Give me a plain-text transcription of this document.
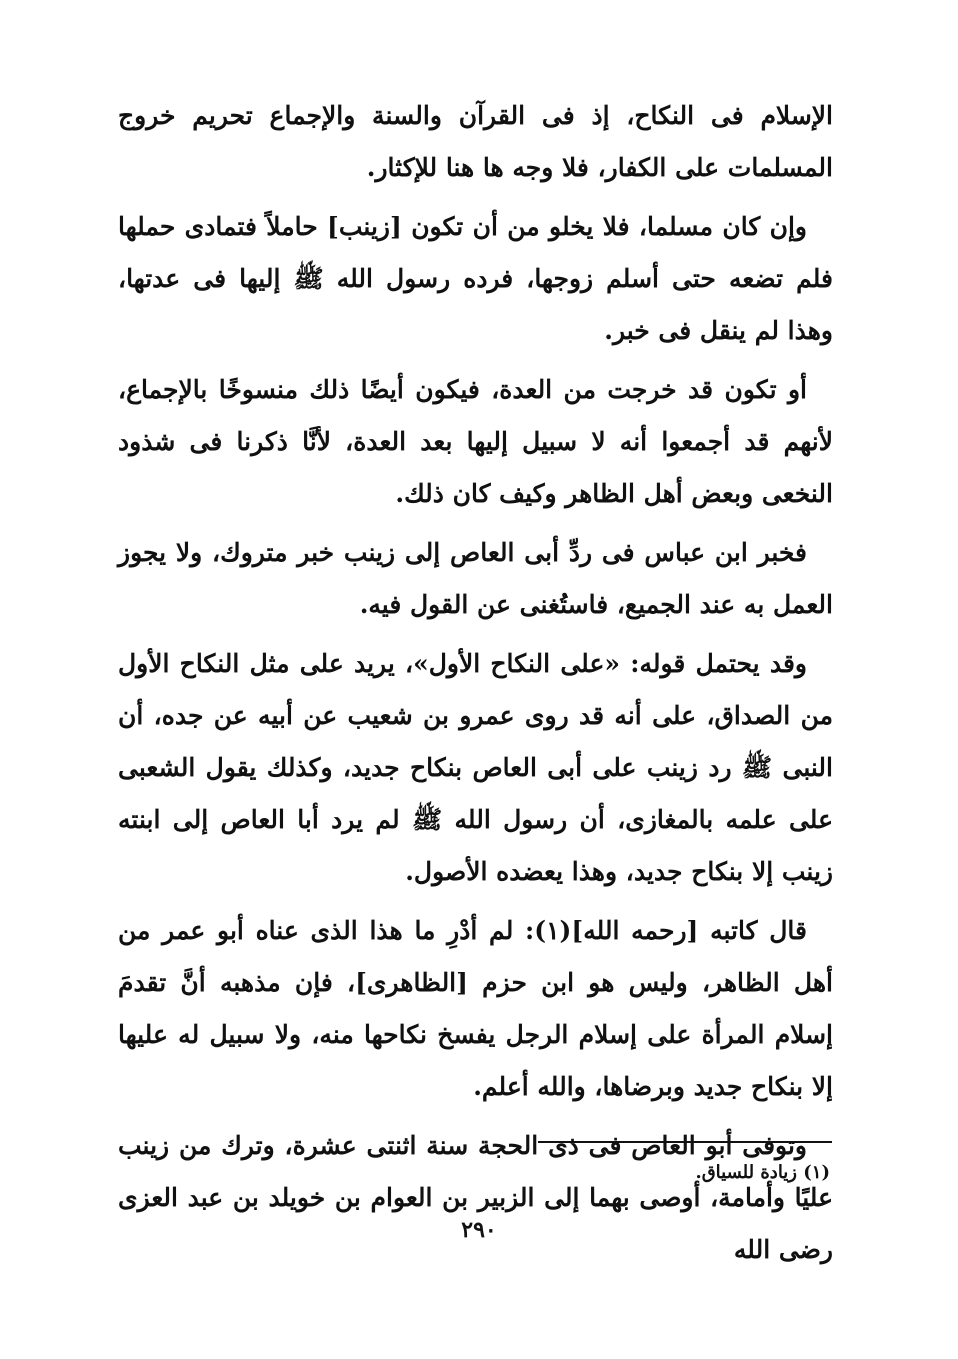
الإسلام فى النكاح، إذ فى القرآن والسنة والإجماع تحريم خروج المسلمات على الكفار، فلا وجه ها هنا للإكثار.

وإن كان مسلما، فلا يخلو من أن تكون [زينب] حاملاً فتمادى حملها فلم تضعه حتى أسلم زوجها، فرده رسول الله ﷺ إليها فى عدتها، وهذا لم ينقل فى خبر.

أو تكون قد خرجت من العدة، فيكون أيضًا ذلك منسوخًا بالإجماع، لأنهم قد أجمعوا أنه لا سبيل إليها بعد العدة، لأنَّا ذكرنا فى شذود النخعى وبعض أهل الظاهر وكيف كان ذلك.

فخبر ابن عباس فى ردِّ أبى العاص إلى زينب خبر متروك، ولا يجوز العمل به عند الجميع، فاستُغنى عن القول فيه.

وقد يحتمل قوله: «على النكاح الأول»، يريد على مثل النكاح الأول من الصداق، على أنه قد روى عمرو بن شعيب عن أبيه عن جده، أن النبى ﷺ رد زينب على أبى العاص بنكاح جديد، وكذلك يقول الشعبى على علمه بالمغازى، أن رسول الله ﷺ لم يرد أبا العاص إلى ابنته زينب إلا بنكاح جديد، وهذا يعضده الأصول.

قال كاتبه [رحمه الله](١): لم أدْرِ ما هذا الذى عناه أبو عمر من أهل الظاهر، وليس هو ابن حزم [الظاهرى]، فإن مذهبه أنَّ تقدمَ إسلام المرأة على إسلام الرجل يفسخ نكاحها منه، ولا سبيل له عليها إلا بنكاح جديد وبرضاها، والله أعلم.

وتوفى أبو العاص فى ذى الحجة سنة اثنتى عشرة، وترك من زينب عليًا وأمامة، أوصى بهما إلى الزبير بن العوام بن خويلد بن عبد العزى رضى الله

(١) زيادة للسياق.
٢٩٠
